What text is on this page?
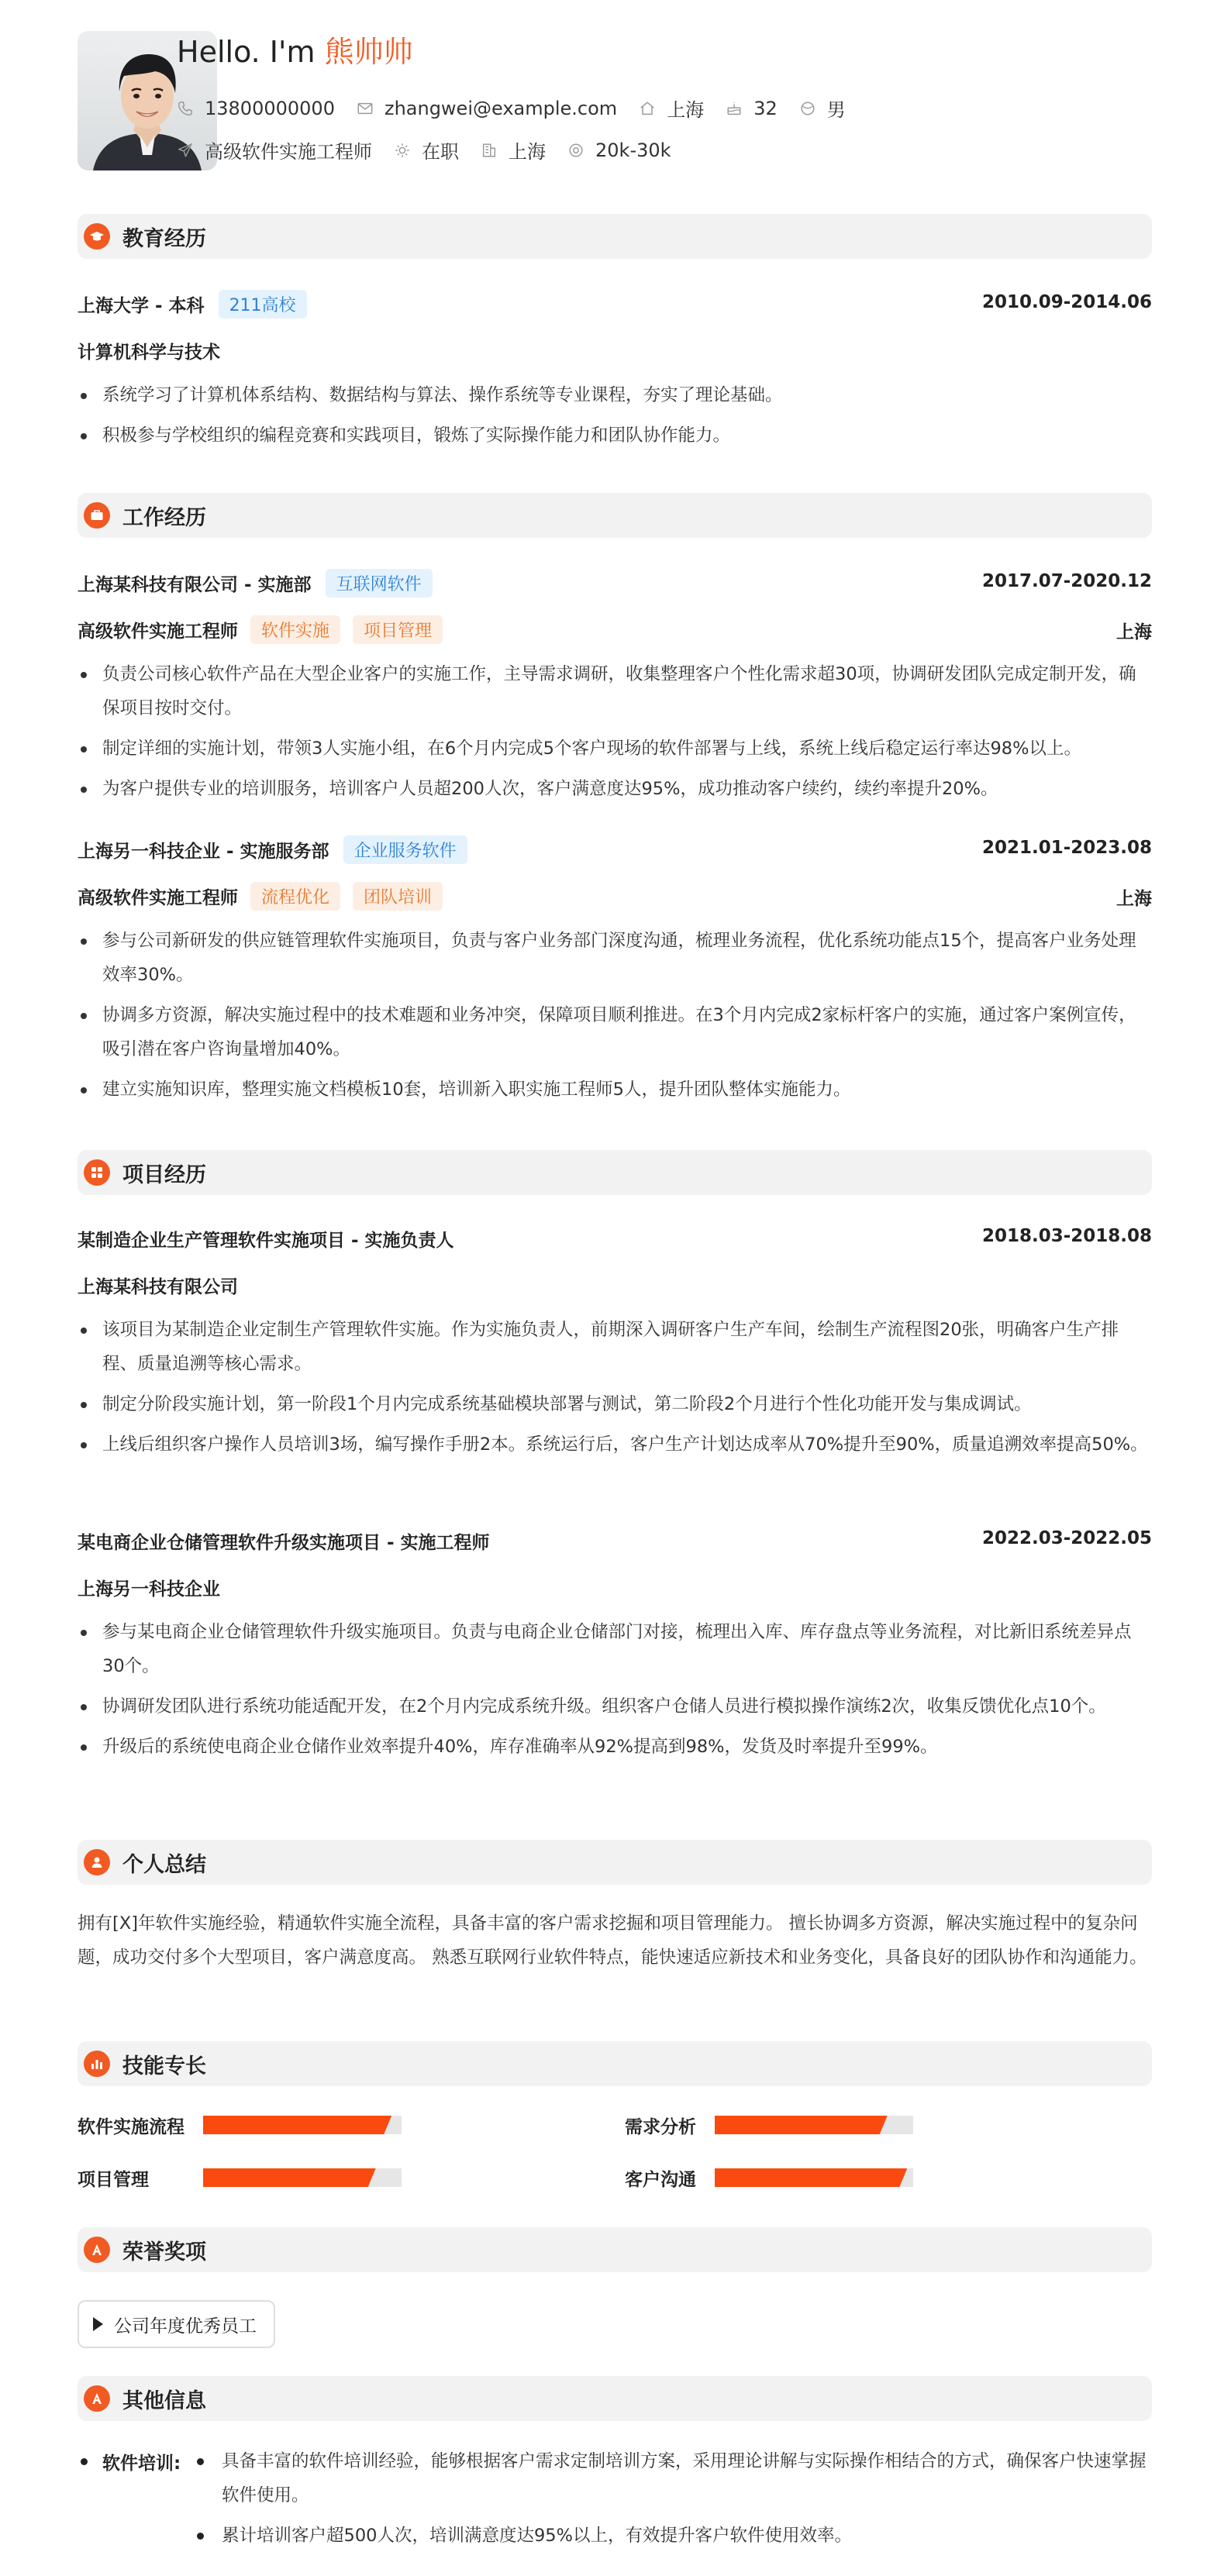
Hello. I'm 熊帅帅
13800000000	zhangwei@example.com	上海	32	男
高级软件实施工程师	在职	上海	20k-30k
教育经历
上海大学 - 本科	211高校	2010.09-2014.06
计算机科学与技术
系统学习了计算机体系结构、数据结构与算法、操作系统等专业课程，夯实了理论基础。
积极参与学校组织的编程竞赛和实践项目，锻炼了实际操作能力和团队协作能力。
工作经历
上海某科技有限公司 - 实施部	互联网软件	2017.07-2020.12
高级软件实施工程师	软件实施	项目管理	上海
负责公司核心软件产品在大型企业客户的实施工作，主导需求调研，收集整理客户个性化需求超30项，协调研发团队完成定制开发，确保项目按时交付。
制定详细的实施计划，带领3人实施小组，在6个月内完成5个客户现场的软件部署与上线，系统上线后稳定运行率达98%以上。
为客户提供专业的培训服务，培训客户人员超200人次，客户满意度达95%，成功推动客户续约，续约率提升20%。
上海另一科技企业 - 实施服务部	企业服务软件	2021.01-2023.08
高级软件实施工程师	流程优化	团队培训	上海
参与公司新研发的供应链管理软件实施项目，负责与客户业务部门深度沟通，梳理业务流程，优化系统功能点15个，提高客户业务处理效率30%。
协调多方资源，解决实施过程中的技术难题和业务冲突，保障项目顺利推进。在3个月内完成2家标杆客户的实施，通过客户案例宣传，吸引潜在客户咨询量增加40%。
建立实施知识库，整理实施文档模板10套，培训新入职实施工程师5人，提升团队整体实施能力。
项目经历
某制造企业生产管理软件实施项目 - 实施负责人	2018.03-2018.08
上海某科技有限公司
该项目为某制造企业定制生产管理软件实施。作为实施负责人，前期深入调研客户生产车间，绘制生产流程图20张，明确客户生产排程、质量追溯等核心需求。
制定分阶段实施计划，第一阶段1个月内完成系统基础模块部署与测试，第二阶段2个月进行个性化功能开发与集成调试。
上线后组织客户操作人员培训3场，编写操作手册2本。系统运行后，客户生产计划达成率从70%提升至90%，质量追溯效率提高50%。
某电商企业仓储管理软件升级实施项目 - 实施工程师	2022.03-2022.05
上海另一科技企业
参与某电商企业仓储管理软件升级实施项目。负责与电商企业仓储部门对接，梳理出入库、库存盘点等业务流程，对比新旧系统差异点30个。
协调研发团队进行系统功能适配开发，在2个月内完成系统升级。组织客户仓储人员进行模拟操作演练2次，收集反馈优化点10个。
升级后的系统使电商企业仓储作业效率提升40%，库存准确率从92%提高到98%，发货及时率提升至99%。
个人总结
拥有[X]年软件实施经验，精通软件实施全流程，具备丰富的客户需求挖掘和项目管理能力。 擅长协调多方资源，解决实施过程中的复杂问题，成功交付多个大型项目，客户满意度高。 熟悉互联网行业软件特点，能快速适应新技术和业务变化，具备良好的团队协作和沟通能力。
技能专长
软件实施流程	需求分析
项目管理	客户沟通
荣誉奖项
公司年度优秀员工
其他信息
软件培训:	具备丰富的软件培训经验，能够根据客户需求定制培训方案，采用理论讲解与实际操作相结合的方式，确保客户快速掌握软件使用。
累计培训客户超500人次，培训满意度达95%以上，有效提升客户软件使用效率。
